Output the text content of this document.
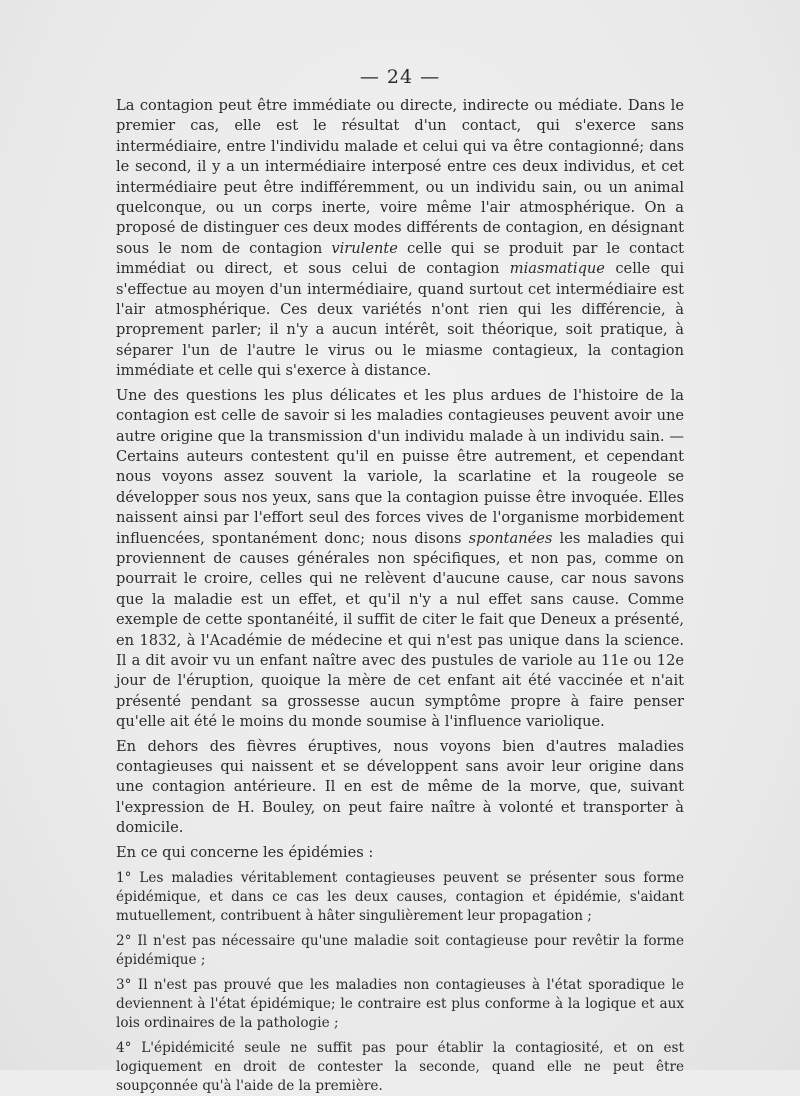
— 24 —

La contagion peut être immédiate ou directe, indirecte ou médiate. Dans le premier cas, elle est le résultat d'un contact, qui s'exerce sans intermédiaire, entre l'individu malade et celui qui va être contagionné; dans le second, il y a un intermédiaire interposé entre ces deux individus, et cet intermédiaire peut être indifféremment, ou un individu sain, ou un animal quelconque, ou un corps inerte, voire même l'air atmosphérique. On a proposé de distinguer ces deux modes différents de contagion, en désignant sous le nom de contagion virulente celle qui se produit par le contact immédiat ou direct, et sous celui de contagion miasmatique celle qui s'effectue au moyen d'un intermédiaire, quand surtout cet intermédiaire est l'air atmosphérique. Ces deux variétés n'ont rien qui les différencie, à proprement parler; il n'y a aucun intérêt, soit théorique, soit pratique, à séparer l'un de l'autre le virus ou le miasme contagieux, la contagion immédiate et celle qui s'exerce à distance.

Une des questions les plus délicates et les plus ardues de l'histoire de la contagion est celle de savoir si les maladies contagieuses peuvent avoir une autre origine que la transmission d'un individu malade à un individu sain. — Certains auteurs contestent qu'il en puisse être autrement, et cependant nous voyons assez souvent la variole, la scarlatine et la rougeole se développer sous nos yeux, sans que la contagion puisse être invoquée. Elles naissent ainsi par l'effort seul des forces vives de l'organisme morbidement influencées, spontanément donc; nous disons spontanées les maladies qui proviennent de causes générales non spécifiques, et non pas, comme on pourrait le croire, celles qui ne relèvent d'aucune cause, car nous savons que la maladie est un effet, et qu'il n'y a nul effet sans cause. Comme exemple de cette spontanéité, il suffit de citer le fait que Deneux a présenté, en 1832, à l'Académie de médecine et qui n'est pas unique dans la science. Il a dit avoir vu un enfant naître avec des pustules de variole au 11e ou 12e jour de l'éruption, quoique la mère de cet enfant ait été vaccinée et n'ait présenté pendant sa grossesse aucun symptôme propre à faire penser qu'elle ait été le moins du monde soumise à l'influence variolique.

En dehors des fièvres éruptives, nous voyons bien d'autres maladies contagieuses qui naissent et se développent sans avoir leur origine dans une contagion antérieure. Il en est de même de la morve, que, suivant l'expression de H. Bouley, on peut faire naître à volonté et transporter à domicile.

En ce qui concerne les épidémies :

1° Les maladies véritablement contagieuses peuvent se présenter sous forme épidémique, et dans ce cas les deux causes, contagion et épidémie, s'aidant mutuellement, contribuent à hâter singulièrement leur propagation ;

2° Il n'est pas nécessaire qu'une maladie soit contagieuse pour revêtir la forme épidémique ;

3° Il n'est pas prouvé que les maladies non contagieuses à l'état sporadique le deviennent à l'état épidémique; le contraire est plus conforme à la logique et aux lois ordinaires de la pathologie ;

4° L'épidémicité seule ne suffit pas pour établir la contagiosité, et on est logiquement en droit de contester la seconde, quand elle ne peut être soupçonnée qu'à l'aide de la première.
